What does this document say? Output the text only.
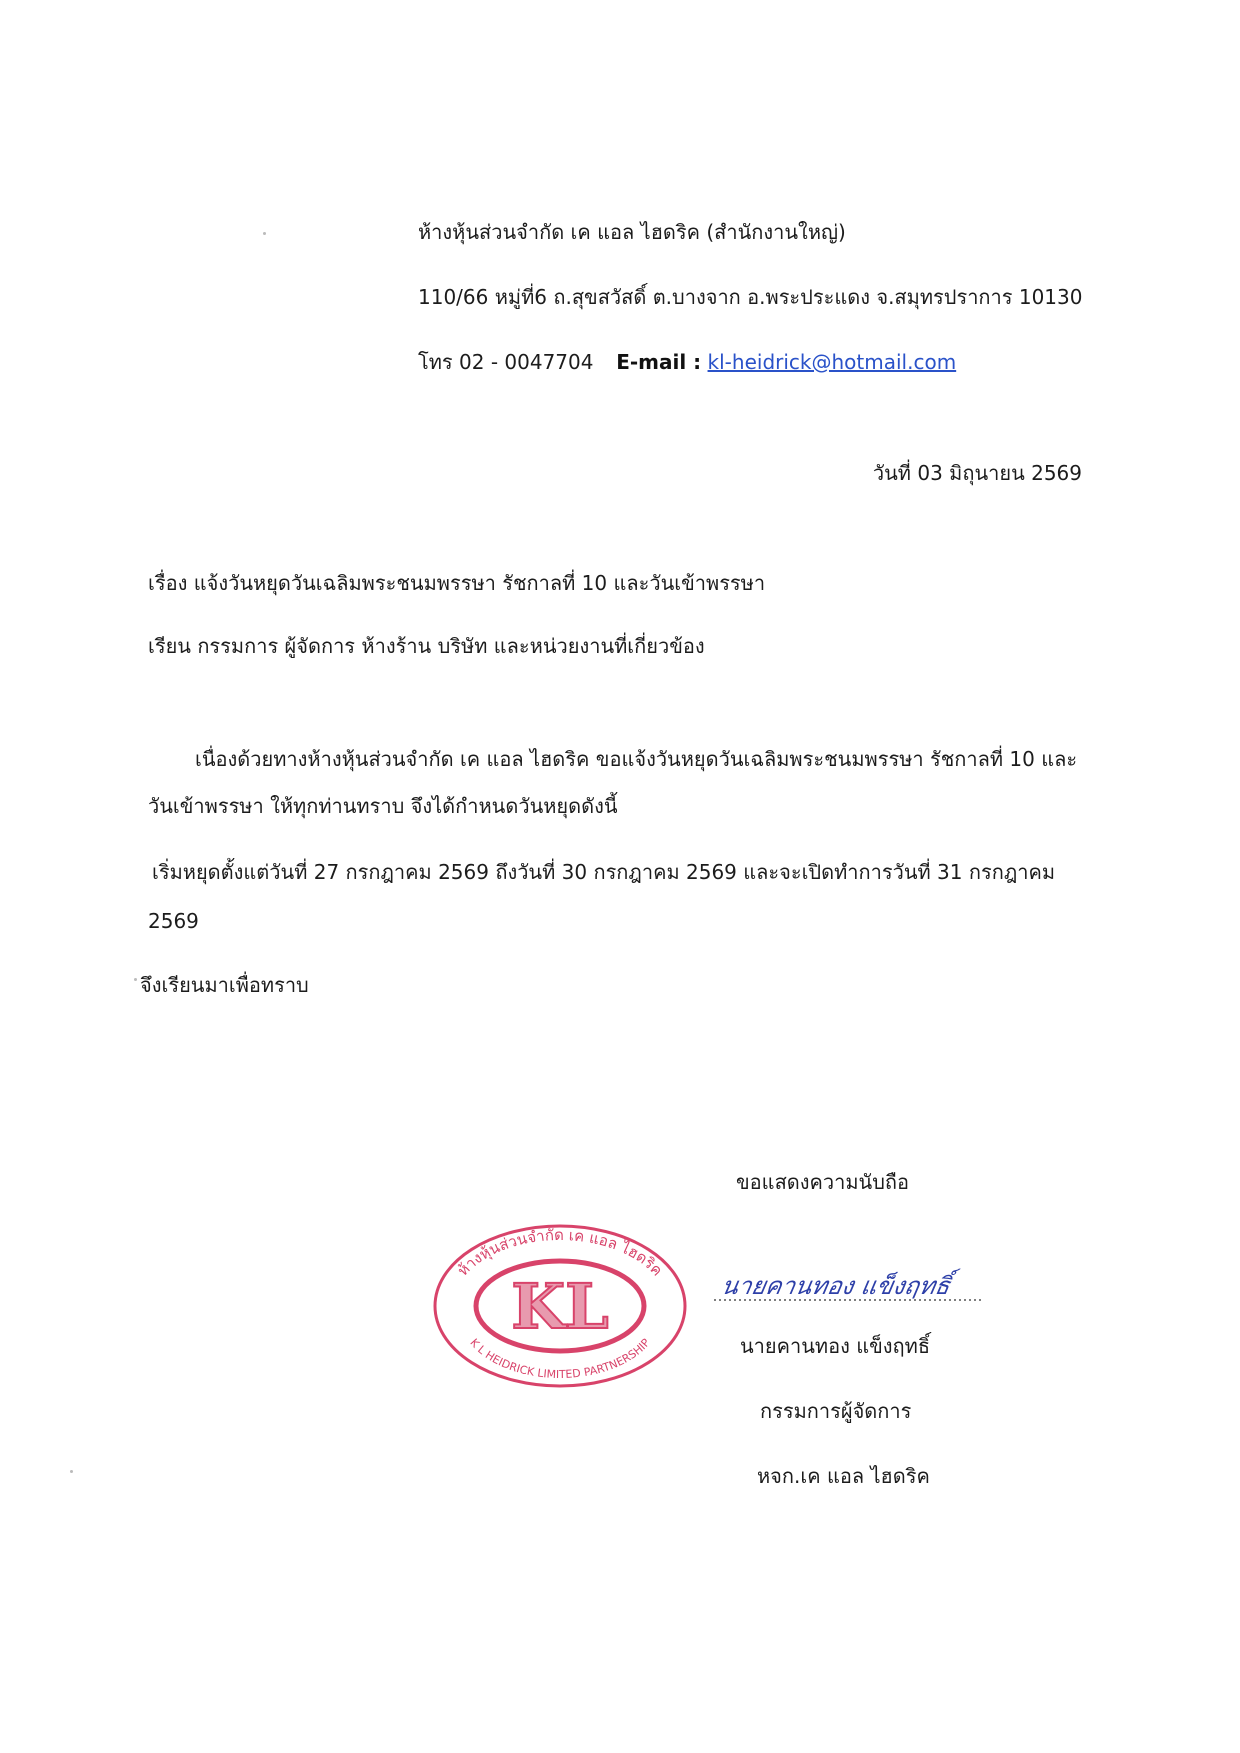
ห้างหุ้นส่วนจำกัด เค แอล ไฮดริค (สำนักงานใหญ่)
110/66 หมู่ที่6 ถ.สุขสวัสดิ์ ต.บางจาก อ.พระประแดง จ.สมุทรปราการ 10130
โทร 02 - 0047704 E-mail : kl-heidrick@hotmail.com
วันที่ 03 มิถุนายน 2569
เรื่อง แจ้งวันหยุดวันเฉลิมพระชนมพรรษา รัชกาลที่ 10 และวันเข้าพรรษา
เรียน กรรมการ ผู้จัดการ ห้างร้าน บริษัท และหน่วยงานที่เกี่ยวข้อง
เนื่องด้วยทางห้างหุ้นส่วนจำกัด เค แอล ไฮดริค ขอแจ้งวันหยุดวันเฉลิมพระชนมพรรษา รัชกาลที่ 10 และ
วันเข้าพรรษา ให้ทุกท่านทราบ จึงได้กำหนดวันหยุดดังนี้
เริ่มหยุดตั้งแต่วันที่ 27 กรกฎาคม 2569 ถึงวันที่ 30 กรกฎาคม 2569 และจะเปิดทำการวันที่ 31 กรกฎาคม
2569
จึงเรียนมาเพื่อทราบ
ขอแสดงความนับถือ
ห้างหุ้นส่วนจำกัด เค แอล ไฮดริค
K L HEIDRICK LIMITED PARTNERSHIP
KL	นายคานทอง แข็งฤทธิ์
นายคานทอง แข็งฤทธิ์
กรรมการผู้จัดการ
หจก.เค แอล ไฮดริค
